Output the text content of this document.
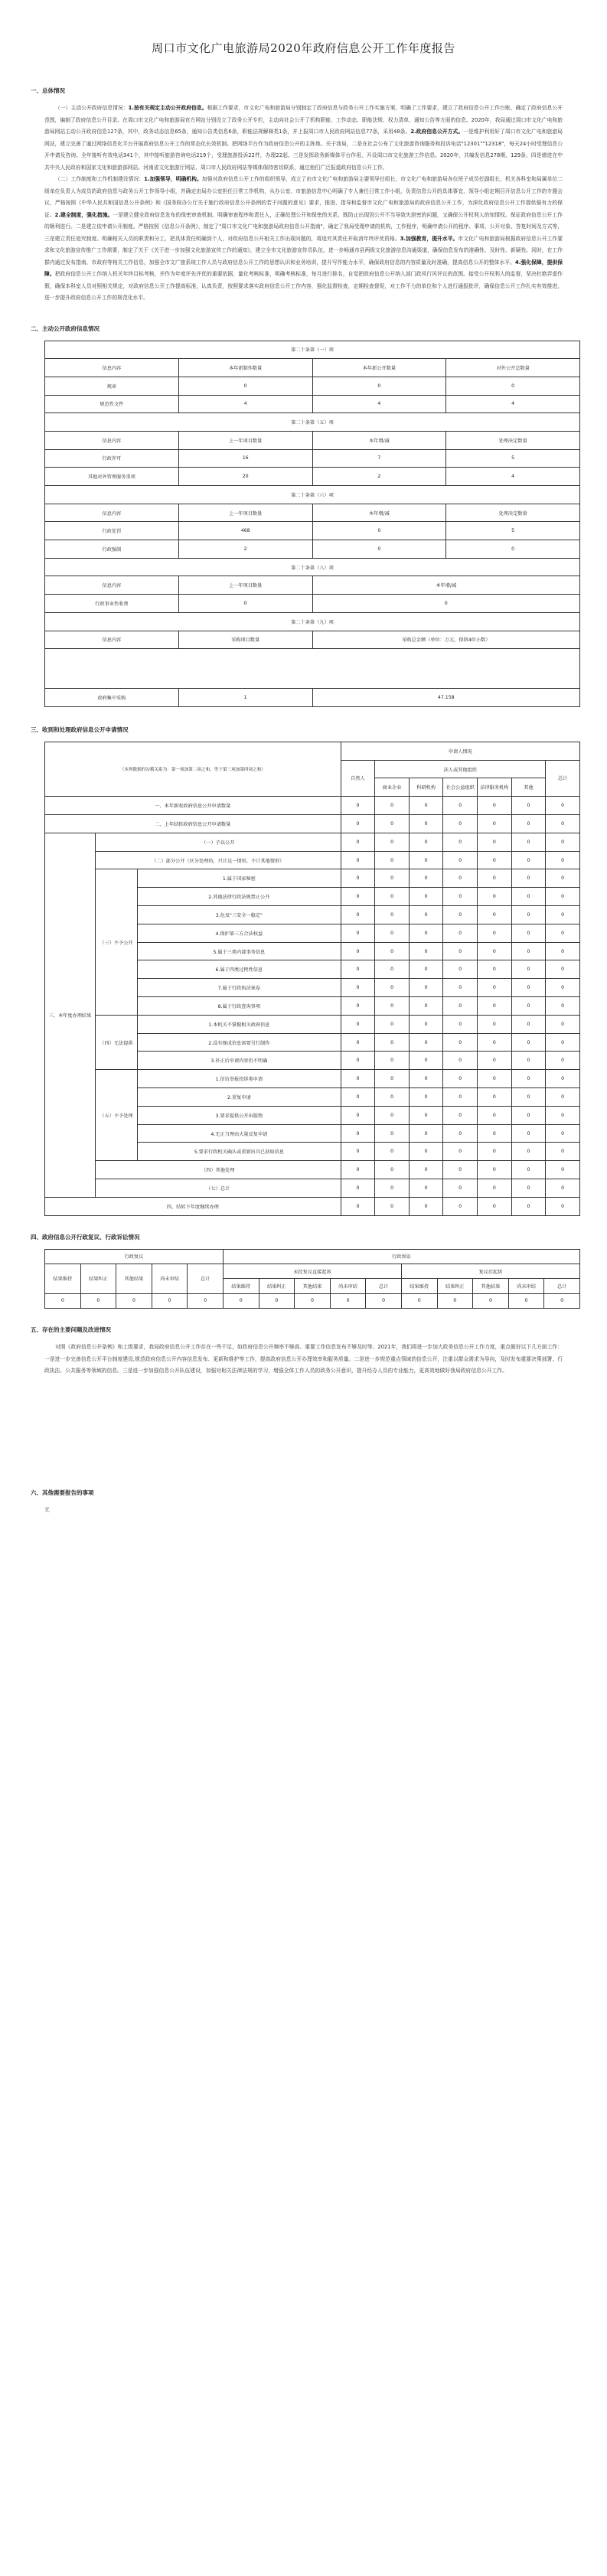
周口市文化广电旅游局2020年政府信息公开工作年度报告
一、总体情况

（一）主动公开政府信息情况：1.按有关规定主动公开政府信息。根据工作要求，市文化广电和旅游局分别制定了政府信息与政务公开工作实施方案，明确了工作要求，建立了政府信息公开工作台账，确定了政府信息公开范围，编制了政府信息公开目录。在周口市文化广电和旅游局官方网站分别设立了政务公开专栏，主动向社会公开了机构职能、工作动态、职能法规、权力清单、通知公告等方面的信息。2020年，我局通过周口市文化广电和旅游局网站主动公开政府信息127条，其中，政务动态信息65条，通知公告类信息6条，职能法规解释类1条，并上报周口市人民政府网站信息77条，采用48条。2.政府信息公开方式。一是维护利用好了周口市文化广电和旅游局网站，建立完善了通过网络信息化平台开展政府信息公开工作的常态化长效机制。把网络平台作为政府信息公开的主阵地。关于我局，二是在社会公布了文化旅游咨询服务和投诉电话"12301""12318"，每天24小时受理信息公开申请及咨询。全年接听有效电话341个，其中接听旅游咨询电话219个，受理旅游投诉22件，办理22起。三是发挥政务新媒体平台作用，开设周口市文化旅游工作信息。2020年，共编发信息278期，129条。四是增进在中共中央人民政府和国家文化和旅游部网站、河南省文化旅游厅网站、周口市人民政府网站等媒体保持密切联系，通过他们广泛报道政府信息公开工作。

（二）工作制度和工作机制建设情况：1.加强领导，明确机构。加强对政府信息公开工作的组织领导，成立了由市文化广电和旅游局主要领导任组长，市文化广电和旅游局各位班子成员任副组长，机关各科室和局属单位二级单位负责人为成员的政府信息与政务公开工作领导小组，并确定由局办公室担任日常工作机构，从办公室、市旅游信息中心明确了专人兼任日常工作小组，负责信息公开的具体事宜，领导小组定期召开信息公开工作的专题会议，严格按照《中华人民共和国信息公开条例》和《国务院办公厅关于施行政府信息公开条例的若干问题的意见》要求，推进、指导和监督市文化广电和旅游局的政府信息公开工作，为深化政府信息公开工作提供强有力的保证。2.建全制度，强化措施。一是建立健全政府信息发布的保密审查机制。明确审查程序和责任人，正确处理公开和保密的关系，既防止出现因公开不当导致失泄密的问题，又确保公开权利人的知情权。保证政府信息公开工作的顺利进行。二是建立依申请公开制度。严格按照《信息公开条例》，制定了"周口市文化广电和旅游局政府信息公开指南"，确定了我局受理申请的机构，工作程序，明确申请公开的程序、事项、公开对象、答复时间及方式等，三是建立责任追究制度。明确相关人员的职责和分工，把具体责任明确到个人，对政府信息公开相关工作出现问题的，将追究其责任并取消年终评优资格。3.加强教育，提升水平。市文化广电和旅游局根据政府信息公开工作要求和文化旅游宣传推广工作需要，制定了关于《关于进一步加强文化旅游宣传工作的通知》，建立全市文化旅游宣传员队伍，进一步畅通市县两级文化旅游信息沟通渠道，确保信息发布的准确性、及时性、新颖性。同时，在工作群内通过发布指南、市政府等相关工作信息，加强全市文广旅系统工作人员与政府信息公开工作的思想认识和业务培训，提升写作能力水平，确保政府信息的内容质量及时准确，提高信息公开的整体水平。4.强化保障，提供保障。把政府信息公开工作纳入机关年终目标考核，并作为年度评先评优的重要依据，量化考核标准，明确考核标准，每月进行排名，自觉把政府信息公开纳入部门政风行风评议的范围。接受公开权利人的监督，坚决杜绝弄虚作假，确保本科室人员对照相关规定，对政府信息公开工作提高标准，认真负责，按照要求落实政府信息公开工作内容，强化监督检查，定期检查督促，对工作不力的单位和个人进行通报批评，确保信息公开工作扎实有效推进，进一步提升政府信息公开工作的规范化水平。

二、主动公开政府信息情况
第二十条第（一）项			
信息内容	本年新制作数量	本年新公开数量	对外公开总数量
规章	0	0	0
规范性文件	4	4	4
第二十条第（五）项			
信息内容	上一年项目数量	本年增/减	处理决定数量
行政许可	16	7	5
其他对外管理服务事项	20	2	4
第二十条第（六）项			
信息内容	上一年项目数量	本年增/减	处理决定数量
行政处罚	468	0	5
行政强制	2	0	0
第二十条第（八）项			
信息内容	上一年项目数量	本年增/减	
行政事业性收费	0	0	
第二十条第（九）项			
信息内容	采购项目数量	采购总金额（单位：万元，保留4位小数）	

政府集中采购	1	47.158	
三、收到和处理政府信息公开申请情况
（本列数据的勾稽关系为：第一项加第二项之和，等于第三项加第四项之和）			申请人情况						
			自然人	法人或其他组织					总计
				商业企业	科研机构	社会公益组织	法律服务机构	其他	
一、本年新收政府信息公开申请数量			0	0	0	0	0	0	0
二、上年结转政府信息公开申请数量			0	0	0	0	0	0	0
三、本年度办理结果	（一）予以公开		0	0	0	0	0	0	0
	（二）部分公开（区分处理的，只计这一情形，不计其他情形）		0	0	0	0	0	0	0
	（三）不予公开	1.属于国家秘密	0	0	0	0	0	0	0
		2.其他法律行政法规禁止公开	0	0	0	0	0	0	0
		3.危及"三安全一稳定"	0	0	0	0	0	0	0
		4.保护第三方合法权益	0	0	0	0	0	0	0
		5.属于三类内部事务信息	0	0	0	0	0	0	0
		6.属于四类过程性信息	0	0	0	0	0	0	0
		7.属于行政执法案卷	0	0	0	0	0	0	0
		8.属于行政查询事项	0	0	0	0	0	0	0
	（四）无法提供	1.本机关不掌握相关政府信息	0	0	0	0	0	0	0
		2.没有现成信息需要另行制作	0	0	0	0	0	0	0
		3.补正后申请内容仍不明确	0	0	0	0	0	0	0
	（五）不予处理	1.信访举报投诉类申请	0	0	0	0	0	0	0
		2.重复申请	0	0	0	0	0	0	0
		3.要求提供公开出版物	0	0	0	0	0	0	0
		4.无正当理由大量反复申请	0	0	0	0	0	0	0
		5.要求行政机关确认或重新出具已获取信息	0	0	0	0	0	0	0
	（四）其他处理		0	0	0	0	0	0	0
	（七）总计		0	0	0	0	0	0	0
四、结转下年度继续办理			0	0	0	0	0	0	0
四、政府信息公开行政复议、行政诉讼情况
行政复议					行政诉讼									
结果维持	结果纠正	其他结果	尚未审结	总计	未经复议直接起诉					复议后起诉				
					结果维持	结果纠正	其他结果	尚未审结	总计	结果维持	结果纠正	其他结果	尚未审结	总计
0	0	0	0	0	0	0	0	0	0	0	0	0	0	0
五、存在的主要问题及改进情况

对照《政府信息公开条例》和上级要求，我局政府信息公开工作存在一些不足，如政府信息公开频率不够高、重要工作信息发布不够及时等。2021年，我们将进一步加大政务信息公开工作力度，重点做好以下几方面工作：一是进一步完善信息公开平台制度建设,规范政府信息公开内容信息发布、更新和维护等工作，提高政府信息公开办理效率和服务质量。二是进一步规范重点领域的信息公开，注重以群众需求为导向，及时发布重要决策部署、行政执法、公共服务等领域的信息。三是进一步加强信息公开队伍建设，加强对相关法律法规的学习，增强全体工作人员的政务公开意识，提升经办人员的专业能力，更高效地做好我局政府信息公开工作。

六、其他需要报告的事项

无
